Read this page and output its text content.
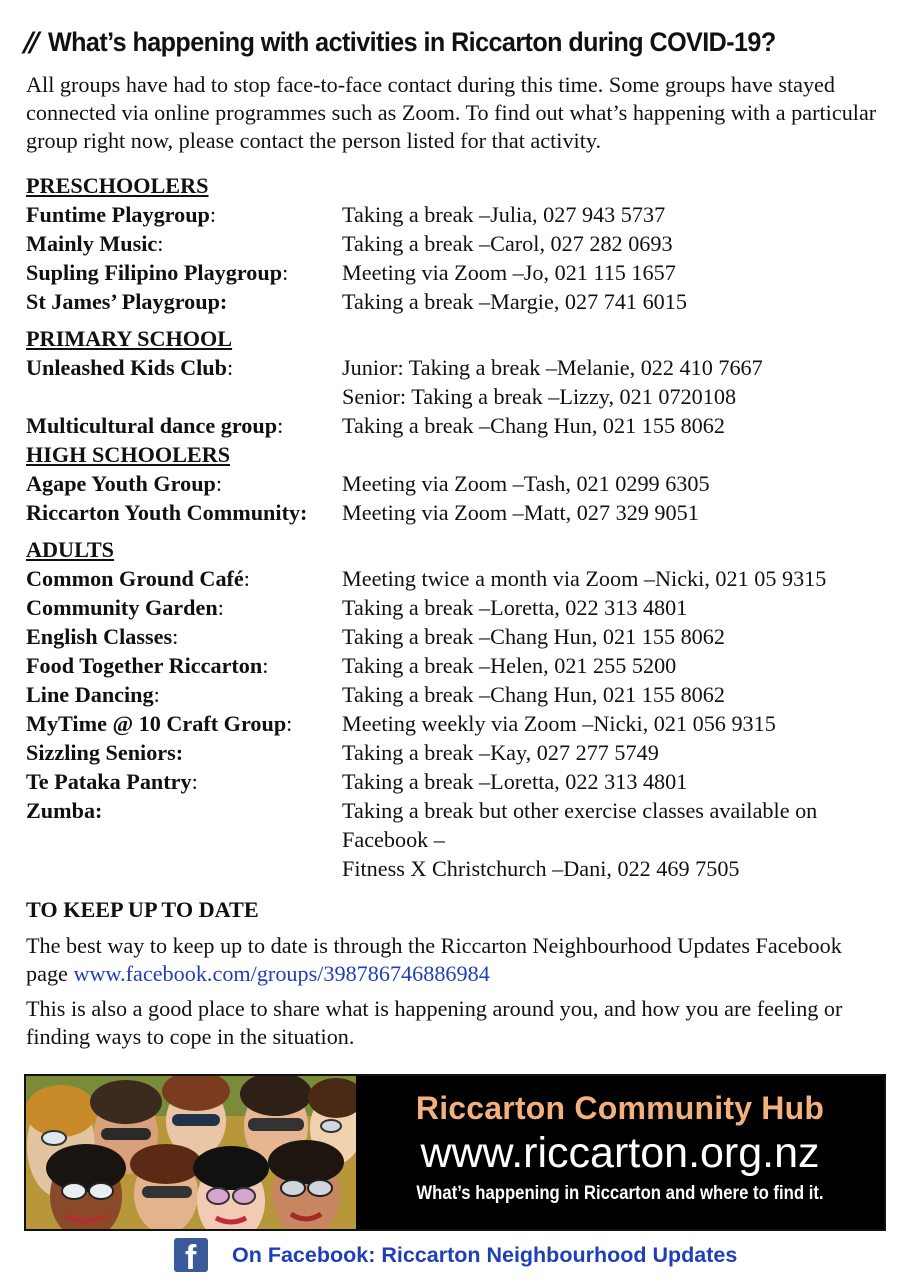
// What’s happening with activities in Riccarton during COVID-19?

All groups have had to stop face-to-face contact during this time. Some groups have stayed connected via online programmes such as Zoom. To find out what’s happening with a particular group right now, please contact the person listed for that activity.

PRESCHOOLERS
Funtime Playgroup:	Taking a break –Julia, 027 943 5737
Mainly Music:	Taking a break –Carol, 027 282 0693
Supling Filipino Playgroup:	Meeting via Zoom –Jo, 021 115 1657
St James’ Playgroup:	Taking a break –Margie, 027 741 6015
PRIMARY SCHOOL
Unleashed Kids Club:	Junior: Taking a break –Melanie, 022 410 7667
Senior: Taking a break –Lizzy, 021 0720108
Multicultural dance group:	Taking a break –Chang Hun, 021 155 8062
HIGH SCHOOLERS
Agape Youth Group:	Meeting via Zoom –Tash, 021 0299 6305
Riccarton Youth Community:	Meeting via Zoom –Matt, 027 329 9051
ADULTS
Common Ground Café:	Meeting twice a month via Zoom –Nicki, 021 05 9315
Community Garden:	Taking a break –Loretta, 022 313 4801
English Classes:	Taking a break –Chang Hun, 021 155 8062
Food Together Riccarton:	Taking a break –Helen, 021 255 5200
Line Dancing:	Taking a break –Chang Hun, 021 155 8062
MyTime @ 10 Craft Group:	Meeting weekly via Zoom –Nicki, 021 056 9315
Sizzling Seniors:	Taking a break –Kay, 027 277 5749
Te Pataka Pantry:	Taking a break –Loretta, 022 313 4801
Zumba:	Taking a break but other exercise classes available on Facebook –
Fitness X Christchurch –Dani, 022 469 7505
TO KEEP UP TO DATE

The best way to keep up to date is through the Riccarton Neighbourhood Updates Facebook page www.facebook.com/groups/398786746886984

This is also a good place to share what is happening around you, and how you are feeling or finding ways to cope in the situation.

Riccarton Community Hub
www.riccarton.org.nz
What’s happening in Riccarton and where to find it.
f On Facebook: Riccarton Neighbourhood Updates
